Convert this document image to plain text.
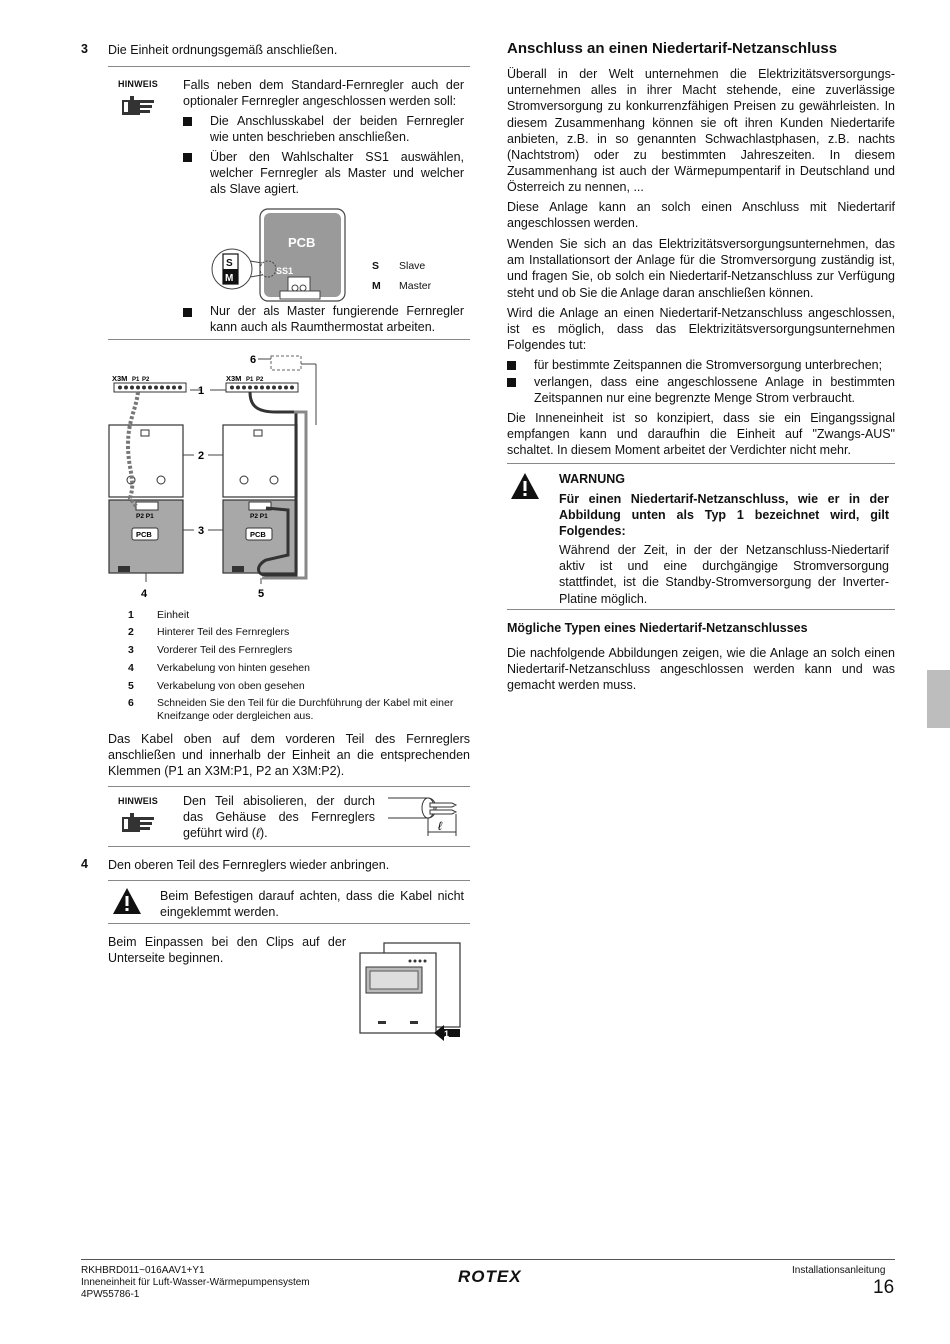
3 Die Einheit ordnungsgemäß anschließen.
HINWEIS Falls neben dem Standard-Fernregler auch der optionaler Fernregler angeschlossen werden soll:
Die Anschlusskabel der beiden Fernregler wie unten beschrieben anschließen.
Über den Wahlschalter SS1 auswählen, welcher Fernregler als Master und welcher als Slave agiert.
PCB
SS1
S
M
S Slave
M Master
Nur der als Master fungierende Fernregler kann auch als Raumthermostat arbeiten.
X3M P1 P2	X3M P1 P2
6
1
P2 P1
PCB
P2 P1
PCB
2
3
4	5
1 Einheit
2 Hinterer Teil des Fernreglers
3 Vorderer Teil des Fernreglers
4 Verkabelung von hinten gesehen
5 Verkabelung von oben gesehen
6 Schneiden Sie den Teil für die Durchführung der Kabel mit einer Kneifzange oder dergleichen aus.
Das Kabel oben auf dem vorderen Teil des Fernreglers anschließen und innerhalb der Einheit an die entsprechenden Klemmen (P1 an X3M:P1, P2 an X3M:P2).
HINWEIS Den Teil abisolieren, der durch das Gehäuse des Fernreglers geführt wird (ℓ).
ℓ
4 Den oberen Teil des Fernreglers wieder anbringen.
Beim Befestigen darauf achten, dass die Kabel nicht eingeklemmt werden.
Beim Einpassen bei den Clips auf der Unterseite beginnen.
1
Anschluss an einen Niedertarif-Netzanschluss
Überall in der Welt unternehmen die Elektrizitätsversorgungs-unternehmen alles in ihrer Macht stehende, eine zuverlässige Stromversorgung zu konkurrenzfähigen Preisen zu gewährleisten. In diesem Zusammenhang können sie oft ihren Kunden Niedertarife anbieten, z.B. in so genannten Schwachlastphasen, z.B. nachts (Nachtstrom) oder zu bestimmten Jahreszeiten. In diesem Zusammenhang ist auch der Wärmepumpentarif in Deutschland und Österreich zu nennen, ...
Diese Anlage kann an solch einen Anschluss mit Niedertarif angeschlossen werden.
Wenden Sie sich an das Elektrizitätsversorgungsunternehmen, das am Installationsort der Anlage für die Stromversorgung zuständig ist, und fragen Sie, ob solch ein Niedertarif-Netzanschluss zur Verfügung steht und ob Sie die Anlage daran anschließen können.
Wird die Anlage an einen Niedertarif-Netzanschluss angeschlossen, ist es möglich, dass das Elektrizitätsversorgungsunternehmen Folgendes tut:
für bestimmte Zeitspannen die Stromversorgung unterbrechen;
verlangen, dass eine angeschlossene Anlage in bestimmten Zeitspannen nur eine begrenzte Menge Strom verbraucht.
Die Inneneinheit ist so konzipiert, dass sie ein Eingangssignal empfangen kann und daraufhin die Einheit auf "Zwangs-AUS" schaltet. In diesem Moment arbeitet der Verdichter nicht mehr.
WARNUNG
Für einen Niedertarif-Netzanschluss, wie er in der Abbildung unten als Typ 1 bezeichnet wird, gilt Folgendes:
Während der Zeit, in der der Netzanschluss-Niedertarif aktiv ist und eine durchgängige Stromversorgung stattfindet, ist die Standby-Stromversorgung der Inverter-Platine möglich.
Mögliche Typen eines Niedertarif-Netzanschlusses
Die nachfolgende Abbildungen zeigen, wie die Anlage an solch einen Niedertarif-Netzanschluss angeschlossen werden kann und was gemacht werden muss.
RKHBRD011~016AAV1+Y1
Inneneinheit für Luft-Wasser-Wärmepumpensystem
4PW55786-1
ROTEX	Installationsanleitung
16
